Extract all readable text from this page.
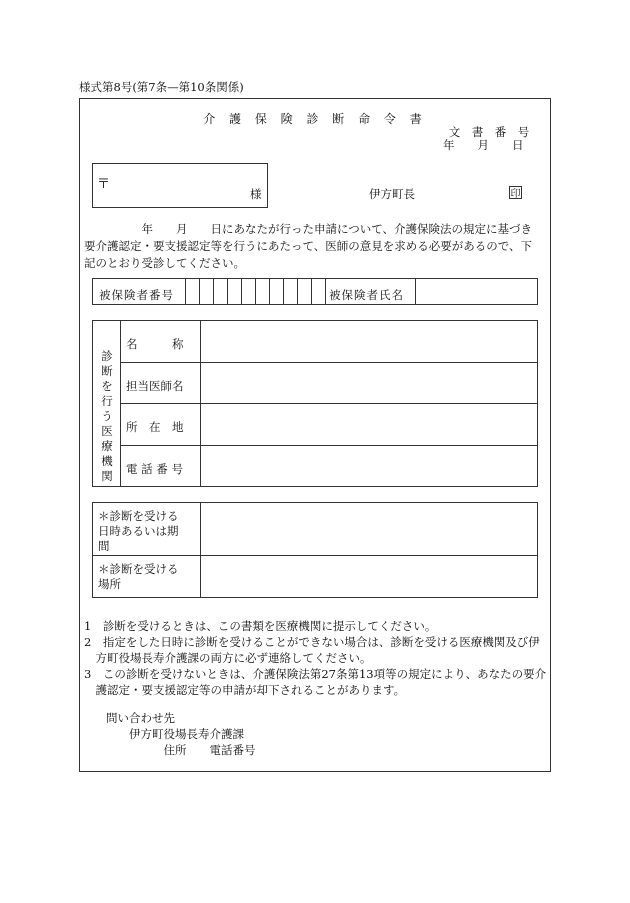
様式第8号(第7条—第10条関係)
介 護 保 険 診 断 命 令 書
文 書 番 号
年　　月　　日
〒
様	伊方町長	印
　　　　　年　　月　　日にあなたが行った申請について、介護保険法の規定に基づき
要介護認定・要支援認定等を行うにあたって、医師の意見を求める必要があるので、下
記のとおり受診してください。
被保険者番号	被保険者氏名
診断を行う医療機関
名　　　称
担当医師名
所　在　地
電 話 番 号
＊診断を受ける
日時あるいは期
間
＊診断を受ける
場所
1　診断を受けるときは、この書類を医療機関に提示してください。
2　指定をした日時に診断を受けることができない場合は、診断を受ける医療機関及び伊
　方町役場長寿介護課の両方に必ず連絡してください。
3　この診断を受けないときは、介護保険法第27条第13項等の規定により、あなたの要介
　護認定・要支援認定等の申請が却下されることがあります。
問い合わせ先
　　伊方町役場長寿介護課
　　　　　住所　　電話番号
